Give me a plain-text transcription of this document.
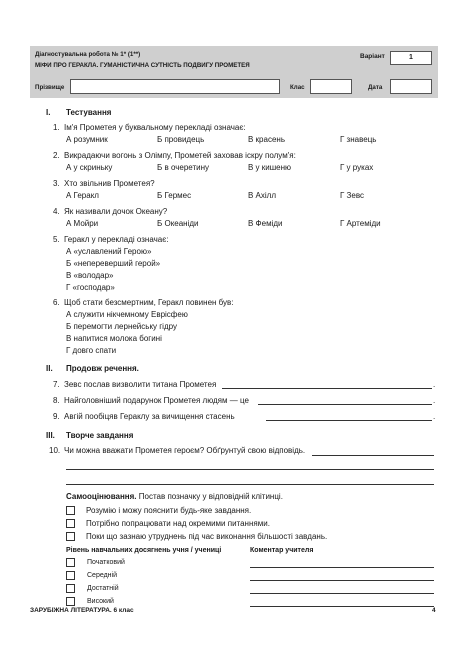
Діагностувальна робота № 1* (1**)
МІФИ ПРО ГЕРАКЛА. ГУМАНІСТИЧНА СУТНІСТЬ ПОДВИГУ ПРОМЕТЕЯ
Варіант	1
Прізвище	Клас	Дата
I. Тестування
1. Ім'я Прометея у буквальному перекладі означає:
А розумник	Б провидець	В красень	Г знавець
2. Викрадаючи вогонь з Олімпу, Прометей заховав іскру полум'я:
А у скриньку	Б в очеретину	В у кишеню	Г у руках
3. Хто звільнив Прометея?
А Геракл	Б Гермес	В Ахілл	Г Зевс
4. Як називали дочок Океану?
А Мойри	Б Океаніди	В Феміди	Г Артеміди
5. Геракл у перекладі означає:
А «уславлений Герою»
Б «непереверший герой»
В «володар»
Г «господар»
6. Щоб стати безсмертним, Геракл повинен був:
А служити нікчемному Еврісфею
Б перемогти лернейську гідру
В напитися молока богині
Г довго спати
II. Продовж речення.
7. Зевс послав визволити титана Прометея	.
8. Найголовніший подарунок Прометея людям — це	.
9. Авгій пообіцяв Гераклу за вичищення стасень	.
III. Творче завдання
10. Чи можна вважати Прометея героєм? Обґрунтуй свою відповідь.
Самооцінювання. Постав позначку у відповідній клітинці.
Розумію і можу пояснити будь-яке завдання.
Потрібно попрацювати над окремими питаннями.
Поки що зазнаю утруднень під час виконання більшості завдань.
Рівень навчальних досягнень учня / учениці	Коментар учителя
Початковий
Середній
Достатній
Високий
ЗАРУБІЖНА ЛІТЕРАТУРА. 6 клас	4
